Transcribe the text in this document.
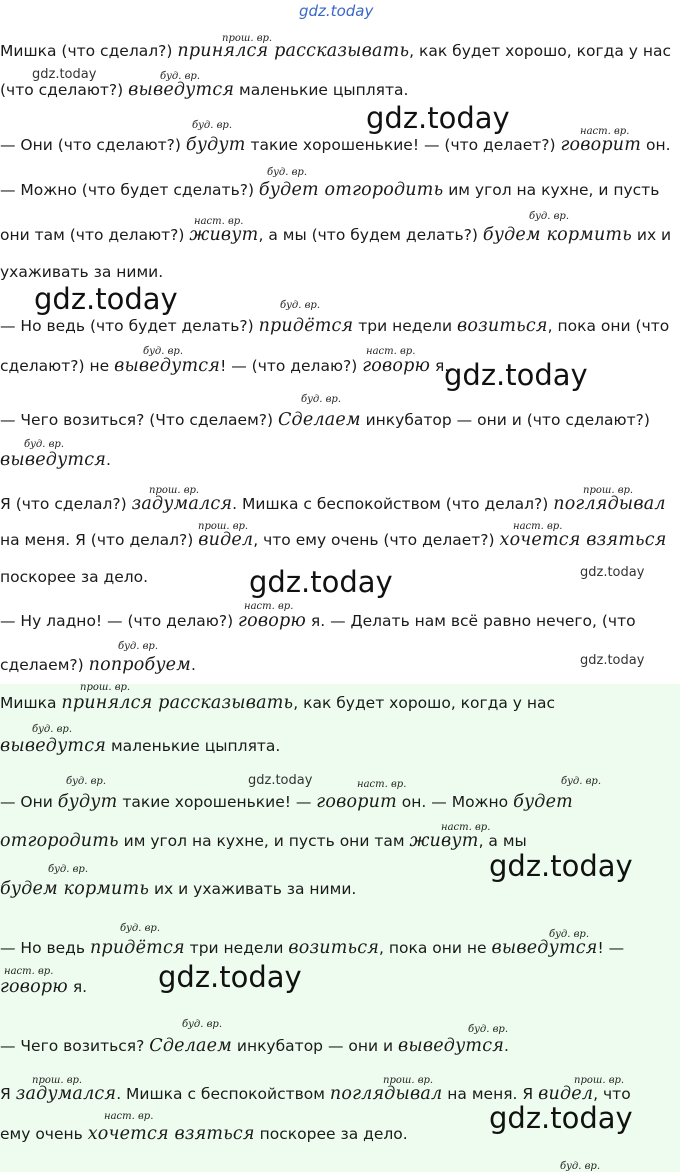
gdz.today
прош. вр.
Мишка (что сделал?) принялся рассказывать, как будет хорошо, когда у нас
gdz.today	буд. вр.
(что сделают?) выведутся маленькие цыплята.
gdz.today
буд. вр.
наст. вр.
— Они (что сделают?) будут такие хорошенькие! — (что делает?) говорит он.
буд. вр.
— Можно (что будет сделать?) будет отгородить им угол на кухне, и пусть
наст. вр.	буд. вр.
они там (что делают?) живут, а мы (что будем делать?) будем кормить их и
ухаживать за ними.
gdz.today	буд. вр.
— Но ведь (что будет делать?) придётся три недели возиться, пока они (что
буд. вр.	наст. вр.
сделают?) не выведутся! — (что делаю?) говорю я.
gdz.today
буд. вр.
— Чего возиться? (Что сделаем?) Сделаем инкубатор — они и (что сделают?)
буд. вр.
выведутся.
прош. вр.	прош. вр.
Я (что сделал?) задумался. Мишка с беспокойством (что делал?) поглядывал
прош. вр.	наст. вр.
на меня. Я (что делал?) видел, что ему очень (что делает?) хочется взяться
поскорее за дело.	gdz.today	gdz.today
наст. вр.
— Ну ладно! — (что делаю?) говорю я. — Делать нам всё равно нечего, (что
буд. вр.
сделаем?) попробуем.	gdz.today
прош. вр.
Мишка принялся рассказывать, как будет хорошо, когда у нас
буд. вр.
выведутся маленькие цыплята.
буд. вр.	gdz.today	наст. вр.	буд. вр.
— Они будут такие хорошенькие! — говорит он. — Можно будет
наст. вр.
отгородить им угол на кухне, и пусть они там живут, а мы
gdz.today
буд. вр.
будем кормить их и ухаживать за ними.
буд. вр.
буд. вр.
— Но ведь придётся три недели возиться, пока они не выведутся! —
наст. вр.
говорю я. gdz.today
буд. вр.	буд. вр.
— Чего возиться? Сделаем инкубатор — они и выведутся.
прош. вр.	прош. вр.	прош. вр.
Я задумался. Мишка с беспокойством поглядывал на меня. Я видел, что
gdz.today
наст. вр.
ему очень хочется взяться поскорее за дело.
буд. вр.
